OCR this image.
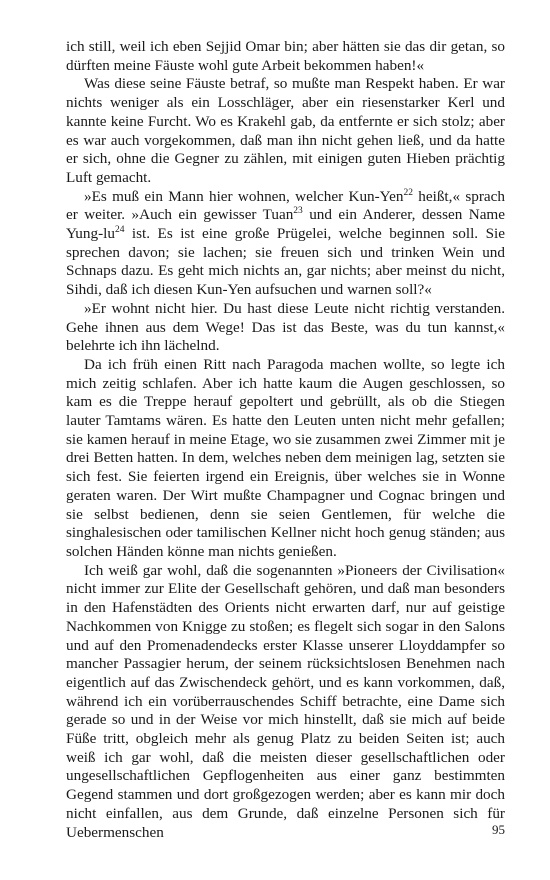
ich still, weil ich eben Sejjid Omar bin; aber hätten sie das dir getan, so dürften meine Fäuste wohl gute Arbeit bekommen haben!«

Was diese seine Fäuste betraf, so mußte man Respekt haben. Er war nichts weniger als ein Losschläger, aber ein riesenstarker Kerl und kannte keine Furcht. Wo es Krakehl gab, da entfernte er sich stolz; aber es war auch vorgekommen, daß man ihn nicht gehen ließ, und da hatte er sich, ohne die Gegner zu zählen, mit einigen guten Hieben prächtig Luft gemacht.

»Es muß ein Mann hier wohnen, welcher Kun-Yen$^{22}$ heißt,« sprach er weiter. »Auch ein gewisser Tuan$^{23}$ und ein Anderer, dessen Name Yung-lu$^{24}$ ist. Es ist eine große Prügelei, welche beginnen soll. Sie sprechen davon; sie lachen; sie freuen sich und trinken Wein und Schnaps dazu. Es geht mich nichts an, gar nichts; aber meinst du nicht, Sihdi, daß ich diesen Kun-Yen aufsuchen und warnen soll?«

»Er wohnt nicht hier. Du hast diese Leute nicht richtig verstanden. Gehe ihnen aus dem Wege! Das ist das Beste, was du tun kannst,« belehrte ich ihn lächelnd.

Da ich früh einen Ritt nach Paragoda machen wollte, so legte ich mich zeitig schlafen. Aber ich hatte kaum die Augen geschlossen, so kam es die Treppe herauf gepoltert und gebrüllt, als ob die Stiegen lauter Tamtams wären. Es hatte den Leuten unten nicht mehr gefallen; sie kamen herauf in meine Etage, wo sie zusammen zwei Zimmer mit je drei Betten hatten. In dem, welches neben dem meinigen lag, setzten sie sich fest. Sie feierten irgend ein Ereignis, über welches sie in Wonne geraten waren. Der Wirt mußte Champagner und Cognac bringen und sie selbst bedienen, denn sie seien Gentlemen, für welche die singhalesischen oder tamilischen Kellner nicht hoch genug ständen; aus solchen Händen könne man nichts genießen.

Ich weiß gar wohl, daß die sogenannten »Pioneers der Civilisation« nicht immer zur Elite der Gesellschaft gehören, und daß man besonders in den Hafenstädten des Orients nicht erwarten darf, nur auf geistige Nachkommen von Knigge zu stoßen; es flegelt sich sogar in den Salons und auf den Promenadendecks erster Klasse unserer Lloyddampfer so mancher Passagier herum, der seinem rücksichtslosen Benehmen nach eigentlich auf das Zwischendeck gehört, und es kann vorkommen, daß, während ich ein vorüberrauschendes Schiff betrachte, eine Dame sich gerade so und in der Weise vor mich hinstellt, daß sie mich auf beide Füße tritt, obgleich mehr als genug Platz zu beiden Seiten ist; auch weiß ich gar wohl, daß die meisten dieser gesellschaftlichen oder ungesellschaftlichen Gepflogenheiten aus einer ganz bestimmten Gegend stammen und dort großgezogen werden; aber es kann mir doch nicht einfallen, aus dem Grunde, daß einzelne Personen sich für Uebermenschen	95
